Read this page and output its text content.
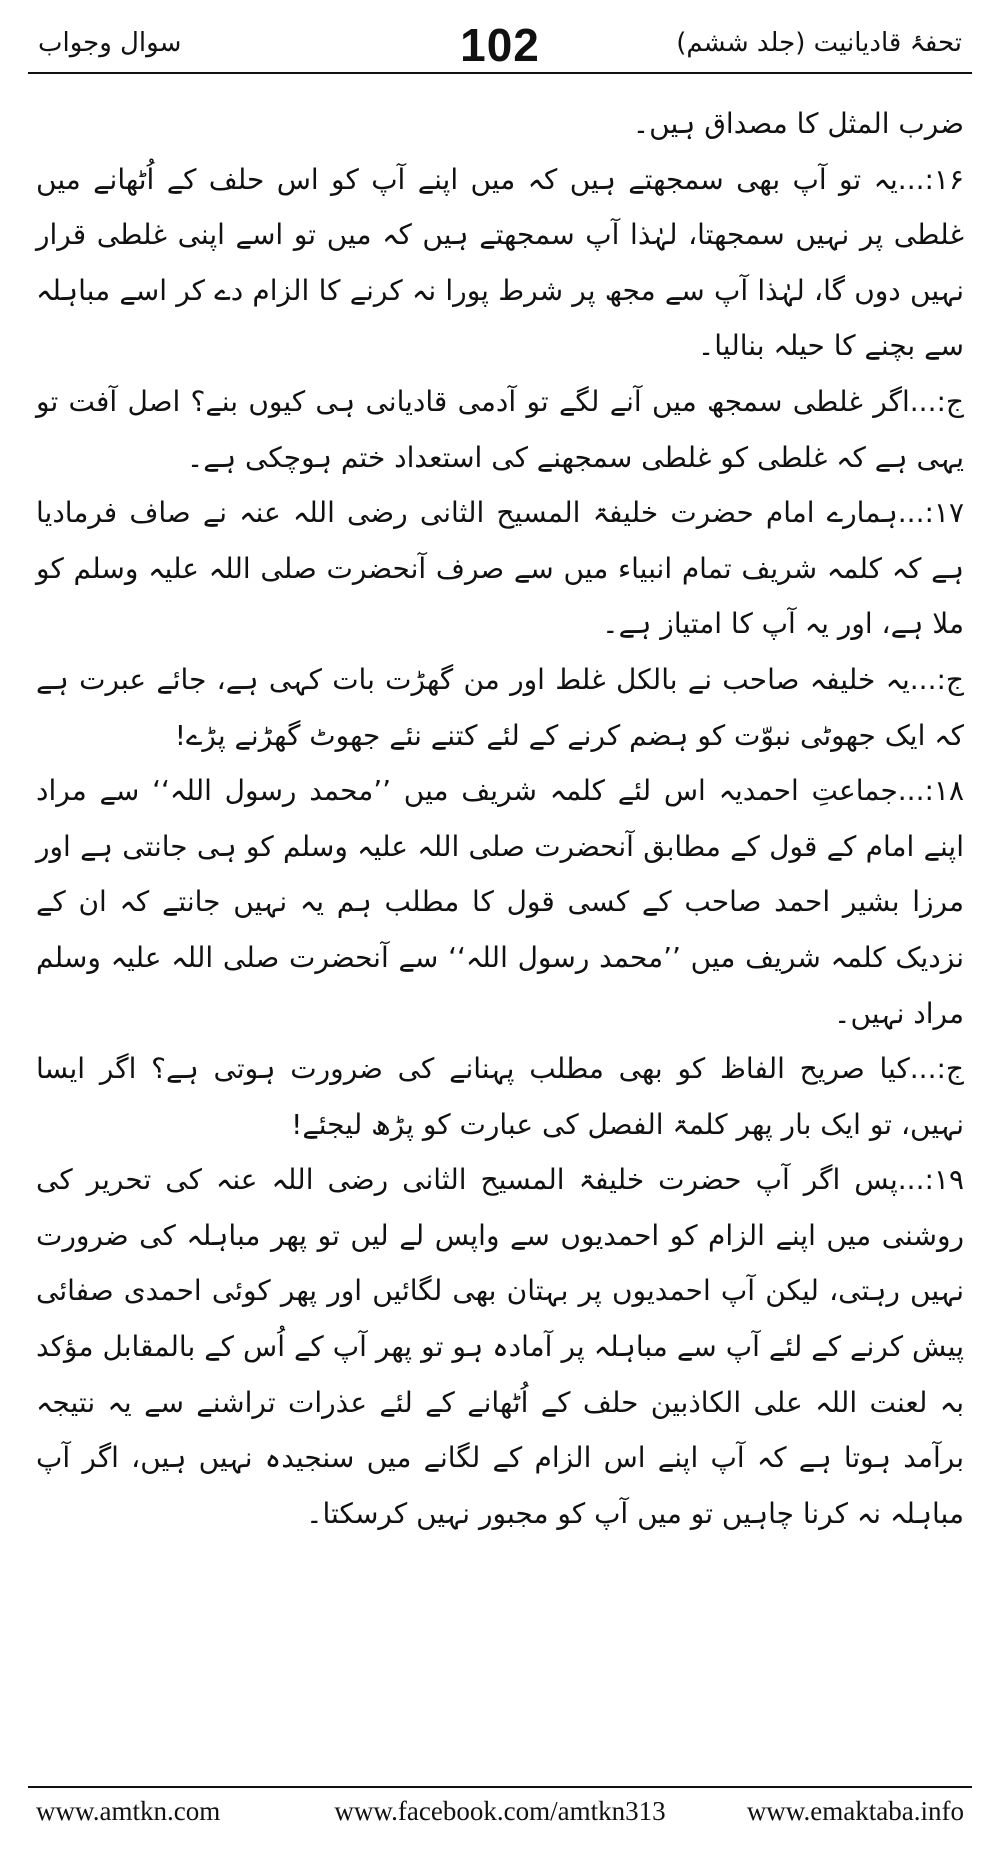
تحفۂ قادیانیت (جلد ششم)
102
سوال وجواب

ضرب المثل کا مصداق ہیں۔

۱۶:...یہ تو آپ بھی سمجھتے ہیں کہ میں اپنے آپ کو اس حلف کے اُٹھانے میں غلطی پر نہیں سمجھتا، لہٰذا آپ سمجھتے ہیں کہ میں تو اسے اپنی غلطی قرار نہیں دوں گا، لہٰذا آپ سے مجھ پر شرط پورا نہ کرنے کا الزام دے کر اسے مباہلہ سے بچنے کا حیلہ بنالیا۔

ج:...اگر غلطی سمجھ میں آنے لگے تو آدمی قادیانی ہی کیوں بنے؟ اصل آفت تو یہی ہے کہ غلطی کو غلطی سمجھنے کی استعداد ختم ہوچکی ہے۔

۱۷:...ہمارے امام حضرت خلیفۃ المسیح الثانی رضی اللہ عنہ نے صاف فرمادیا ہے کہ کلمہ شریف تمام انبیاء میں سے صرف آنحضرت صلی اللہ علیہ وسلم کو ملا ہے، اور یہ آپ کا امتیاز ہے۔

ج:...یہ خلیفہ صاحب نے بالکل غلط اور من گھڑت بات کہی ہے، جائے عبرت ہے کہ ایک جھوٹی نبوّت کو ہضم کرنے کے لئے کتنے نئے جھوٹ گھڑنے پڑے!

۱۸:...جماعتِ احمدیہ اس لئے کلمہ شریف میں ’’محمد رسول اللہ‘‘ سے مراد اپنے امام کے قول کے مطابق آنحضرت صلی اللہ علیہ وسلم کو ہی جانتی ہے اور مرزا بشیر احمد صاحب کے کسی قول کا مطلب ہم یہ نہیں جانتے کہ ان کے نزدیک کلمہ شریف میں ’’محمد رسول اللہ‘‘ سے آنحضرت صلی اللہ علیہ وسلم مراد نہیں۔

ج:...کیا صریح الفاظ کو بھی مطلب پہنانے کی ضرورت ہوتی ہے؟ اگر ایسا نہیں، تو ایک بار پھر کلمۃ الفصل کی عبارت کو پڑھ لیجئے!

۱۹:...پس اگر آپ حضرت خلیفۃ المسیح الثانی رضی اللہ عنہ کی تحریر کی روشنی میں اپنے الزام کو احمدیوں سے واپس لے لیں تو پھر مباہلہ کی ضرورت نہیں رہتی، لیکن آپ احمدیوں پر بہتان بھی لگائیں اور پھر کوئی احمدی صفائی پیش کرنے کے لئے آپ سے مباہلہ پر آمادہ ہو تو پھر آپ کے اُس کے بالمقابل مؤکد بہ لعنت اللہ علی الکاذبین حلف کے اُٹھانے کے لئے عذرات تراشنے سے یہ نتیجہ برآمد ہوتا ہے کہ آپ اپنے اس الزام کے لگانے میں سنجیدہ نہیں ہیں، اگر آپ مباہلہ نہ کرنا چاہیں تو میں آپ کو مجبور نہیں کرسکتا۔

www.amtkn.com	www.facebook.com/amtkn313	www.emaktaba.info
